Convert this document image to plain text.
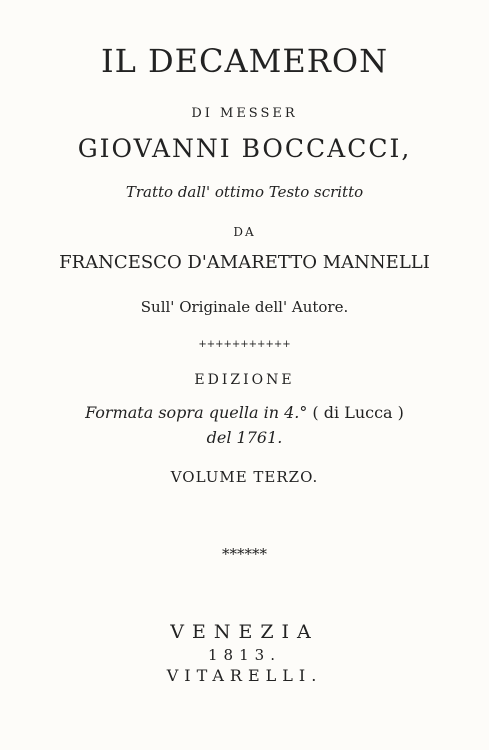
IL DECAMERON
DI MESSER
GIOVANNI BOCCACCI,
Tratto dall' ottimo Testo scritto
DA
FRANCESCO D'AMARETTO MANNELLI
Sull' Originale dell' Autore.
+++++++++++
EDIZIONE
Formata sopra quella in 4.° ( di Lucca )
del 1761.
VOLUME TERZO.
******
VENEZIA
1813.
VITARELLI.
